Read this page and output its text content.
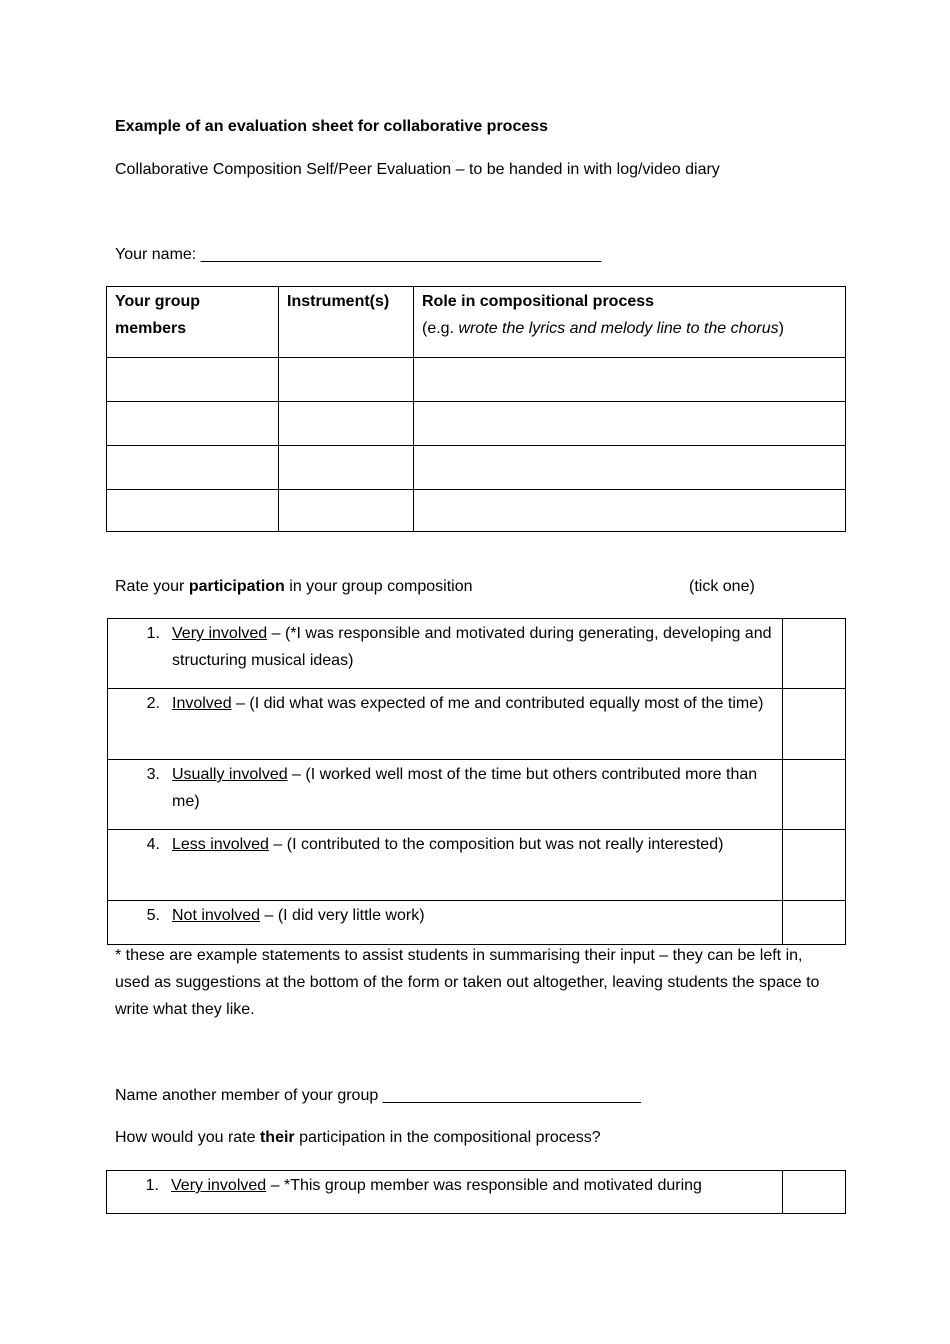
Example of an evaluation sheet for collaborative process
Collaborative Composition Self/Peer Evaluation – to be handed in with log/video diary
Your name: _____________________________________________
Your group members	Instrument(s)	Role in compositional process
(e.g. wrote the lyrics and melody line to the chorus)

Rate your participation in your group composition	(tick one)
1. Very involved – (*I was responsible and motivated during generating, developing and structuring musical ideas)	

2. Involved – (I did what was expected of me and contributed equally most of the time)	

3. Usually involved – (I worked well most of the time but others contributed more than me)	

4. Less involved – (I contributed to the composition but was not really interested)	

5. Not involved – (I did very little work)	

* these are example statements to assist students in summarising their input – they can be left in, used as suggestions at the bottom of the form or taken out altogether, leaving students the space to write what they like.
Name another member of your group _____________________________
How would you rate their participation in the compositional process?
1. Very involved – *This group member was responsible and motivated during
